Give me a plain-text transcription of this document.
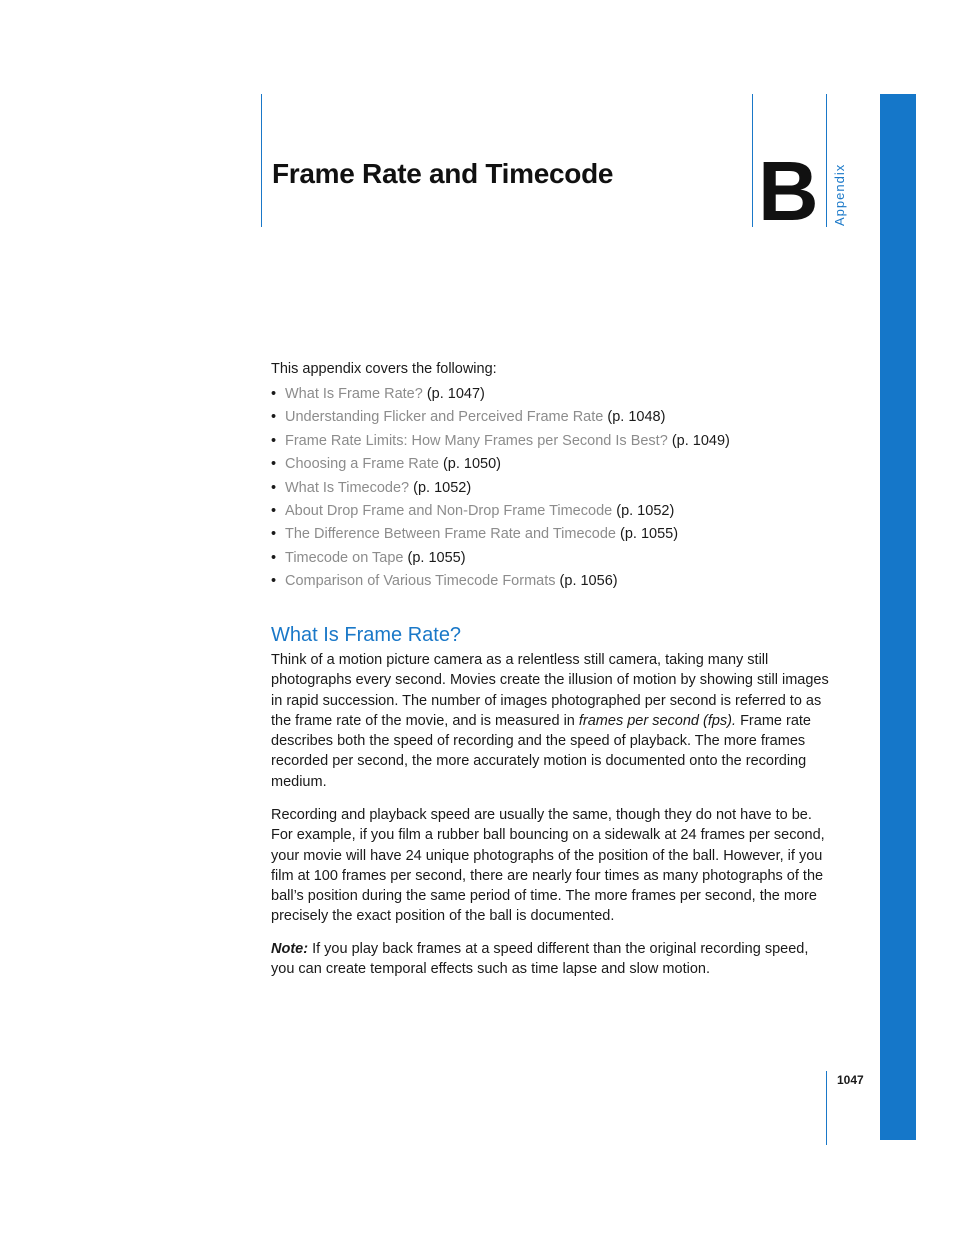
Frame Rate and Timecode B Appendix
This appendix covers the following:
• What Is Frame Rate? (p. 1047)
• Understanding Flicker and Perceived Frame Rate (p. 1048)
• Frame Rate Limits: How Many Frames per Second Is Best? (p. 1049)
• Choosing a Frame Rate (p. 1050)
• What Is Timecode? (p. 1052)
• About Drop Frame and Non-Drop Frame Timecode (p. 1052)
• The Difference Between Frame Rate and Timecode (p. 1055)
• Timecode on Tape (p. 1055)
• Comparison of Various Timecode Formats (p. 1056)
What Is Frame Rate?

Think of a motion picture camera as a relentless still camera, taking many still photographs every second. Movies create the illusion of motion by showing still images in rapid succession. The number of images photographed per second is referred to as the frame rate of the movie, and is measured in frames per second (fps). Frame rate describes both the speed of recording and the speed of playback. The more frames recorded per second, the more accurately motion is documented onto the recording medium.

Recording and playback speed are usually the same, though they do not have to be. For example, if you film a rubber ball bouncing on a sidewalk at 24 frames per second, your movie will have 24 unique photographs of the position of the ball. However, if you film at 100 frames per second, there are nearly four times as many photographs of the ball’s position during the same period of time. The more frames per second, the more precisely the exact position of the ball is documented.

Note: If you play back frames at a speed different than the original recording speed, you can create temporal effects such as time lapse and slow motion.

1047
